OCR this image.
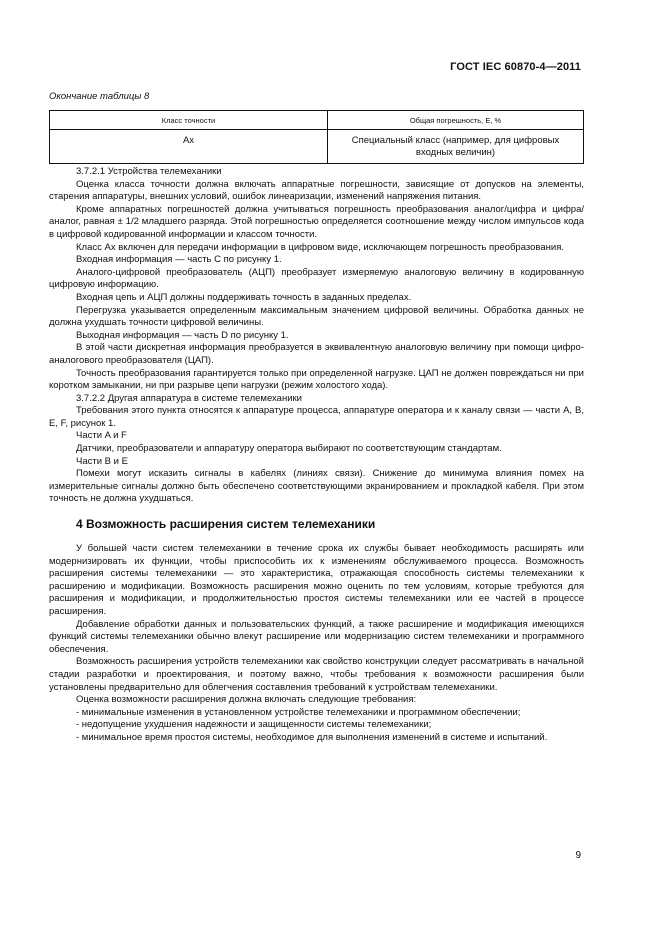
ГОСТ IEC 60870-4—2011
Окончание таблицы 8
Класс точности	Общая погрешность, E, %
Ax	Специальный класс (например, для цифровых входных величин)

3.7.2.1 Устройства телемеханики

Оценка класса точности должна включать аппаратные погрешности, зависящие от допусков на элементы, старения аппаратуры, внешних условий, ошибок линеаризации, изменений напряжения питания.

Кроме аппаратных погрешностей должна учитываться погрешность преобразования аналог/цифра и цифра/аналог, равная ± 1/2 младшего разряда. Этой погрешностью определяется соотношение между числом импульсов кода в цифровой кодированной информации и классом точности.

Класс Ax включен для передачи информации в цифровом виде, исключающем погрешность преобразования.

Входная информация — часть C по рисунку 1.

Аналого-цифровой преобразователь (АЦП) преобразует измеряемую аналоговую величину в кодированную цифровую информацию.

Входная цепь и АЦП должны поддерживать точность в заданных пределах.

Перегрузка указывается определенным максимальным значением цифровой величины. Обработка данных не должна ухудшать точности цифровой величины.

Выходная информация — часть D по рисунку 1.

В этой части дискретная информация преобразуется в эквивалентную аналоговую величину при помощи цифро-аналогового преобразователя (ЦАП).

Точность преобразования гарантируется только при определенной нагрузке. ЦАП не должен повреждаться ни при коротком замыкании, ни при разрыве цепи нагрузки (режим холостого хода).

3.7.2.2 Другая аппаратура в системе телемеханики

Требования этого пункта относятся к аппаратуре процесса, аппаратуре оператора и к каналу связи — части A, B, E, F, рисунок 1.

Части A и F

Датчики, преобразователи и аппаратуру оператора выбирают по соответствующим стандартам.

Части B и E

Помехи могут исказить сигналы в кабелях (линиях связи). Снижение до минимума влияния помех на измерительные сигналы должно быть обеспечено соответствующими экранированием и прокладкой кабеля. При этом точность не должна ухудшаться.

4 Возможность расширения систем телемеханики

У большей части систем телемеханики в течение срока их службы бывает необходимость расширять или модернизировать их функции, чтобы приспособить их к изменениям обслуживаемого процесса. Возможность расширения системы телемеханики — это характеристика, отражающая способность системы телемеханики к расширению и модификации. Возможность расширения можно оценить по тем условиям, которые требуются для расширения и модификации, и продолжительностью простоя системы телемеханики или ее частей в процессе расширения.

Добавление обработки данных и пользовательских функций, а также расширение и модификация имеющихся функций системы телемеханики обычно влекут расширение или модернизацию систем телемеханики и программного обеспечения.

Возможность расширения устройств телемеханики как свойство конструкции следует рассматривать в начальной стадии разработки и проектирования, и поэтому важно, чтобы требования к возможности расширения были установлены предварительно для облегчения составления требований к устройствам телемеханики.

Оценка возможности расширения должна включать следующие требования:

- минимальные изменения в установленном устройстве телемеханики и программном обеспечении;

- недопущение ухудшения надежности и защищенности системы телемеханики;

- минимальное время простоя системы, необходимое для выполнения изменений в системе и испытаний.

9
